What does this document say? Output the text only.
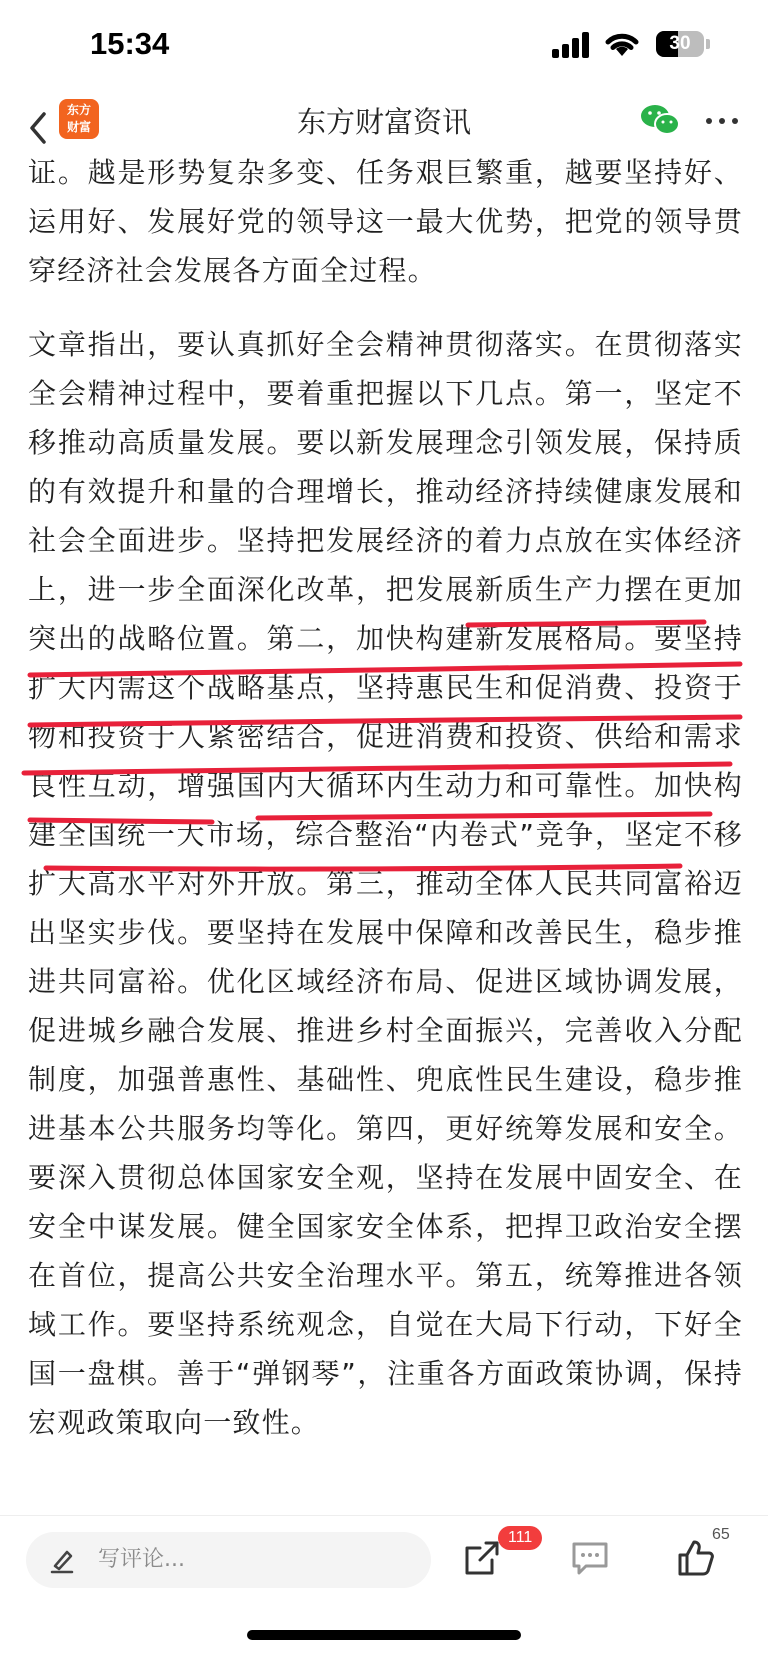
15:34	30
东方财富资讯
东方
财富

证。越是形势复杂多变、任务艰巨繁重，越要坚持好、运用好、发展好党的领导这一最大优势，把党的领导贯穿经济社会发展各方面全过程。

文章指出，要认真抓好全会精神贯彻落实。在贯彻落实全会精神过程中，要着重把握以下几点。第一，坚定不移推动高质量发展。要以新发展理念引领发展，保持质的有效提升和量的合理增长，推动经济持续健康发展和社会全面进步。坚持把发展经济的着力点放在实体经济上，进一步全面深化改革，把发展新质生产力摆在更加突出的战略位置。第二，加快构建新发展格局。要坚持扩大内需这个战略基点，坚持惠民生和促消费、投资于物和投资于人紧密结合，促进消费和投资、供给和需求良性互动，增强国内大循环内生动力和可靠性。加快构建全国统一大市场，综合整治“内卷式”竞争，坚定不移扩大高水平对外开放。第三，推动全体人民共同富裕迈出坚实步伐。要坚持在发展中保障和改善民生，稳步推进共同富裕。优化区域经济布局、促进区域协调发展，促进城乡融合发展、推进乡村全面振兴，完善收入分配制度，加强普惠性、基础性、兜底性民生建设，稳步推进基本公共服务均等化。第四，更好统筹发展和安全。要深入贯彻总体国家安全观，坚持在发展中固安全、在安全中谋发展。健全国家安全体系，把捍卫政治安全摆在首位，提高公共安全治理水平。第五，统筹推进各领域工作。要坚持系统观念，自觉在大局下行动，下好全国一盘棋。善于“弹钢琴”，注重各方面政策协调，保持宏观政策取向一致性。

写评论...
111	65
